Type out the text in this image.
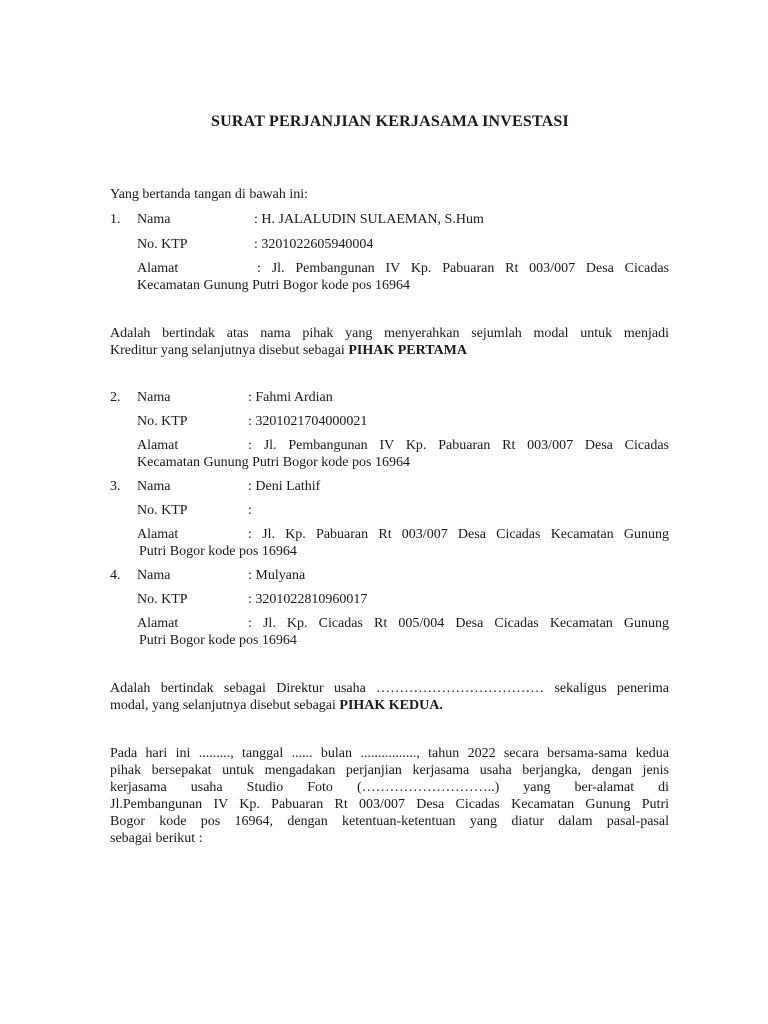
SURAT PERJANJIAN KERJASAMA INVESTASI
Yang bertanda tangan di bawah ini:
1. Nama	: H. JALALUDIN SULAEMAN, S.Hum
No. KTP	: 3201022605940004
Alamat	: Jl. Pembangunan IV Kp. Pabuaran Rt 003/007 Desa Cicadas
Kecamatan Gunung Putri Bogor kode pos 16964
Adalah bertindak atas nama pihak yang menyerahkan sejumlah modal untuk menjadi
Kreditur yang selanjutnya disebut sebagai PIHAK PERTAMA
2. Nama	: Fahmi Ardian
No. KTP	: 3201021704000021
Alamat	: Jl. Pembangunan IV Kp. Pabuaran Rt 003/007 Desa Cicadas
Kecamatan Gunung Putri Bogor kode pos 16964
3. Nama	: Deni Lathif
No. KTP	:
Alamat	: Jl. Kp. Pabuaran Rt 003/007 Desa Cicadas Kecamatan Gunung
Putri Bogor kode pos 16964
4. Nama	: Mulyana
No. KTP	: 3201022810960017
Alamat	: Jl. Kp. Cicadas Rt 005/004 Desa Cicadas Kecamatan Gunung
Putri Bogor kode pos 16964
Adalah bertindak sebagai Direktur usaha ……………………………… sekaligus penerima
modal, yang selanjutnya disebut sebagai PIHAK KEDUA.
Pada hari ini ........., tanggal ...... bulan ................, tahun 2022 secara bersama-sama kedua
pihak bersepakat untuk mengadakan perjanjian kerjasama usaha berjangka, dengan jenis
kerjasama usaha Studio Foto (………………………..) yang ber-alamat di
Jl.Pembangunan IV Kp. Pabuaran Rt 003/007 Desa Cicadas Kecamatan Gunung Putri
Bogor kode pos 16964, dengan ketentuan-ketentuan yang diatur dalam pasal-pasal
sebagai berikut :
